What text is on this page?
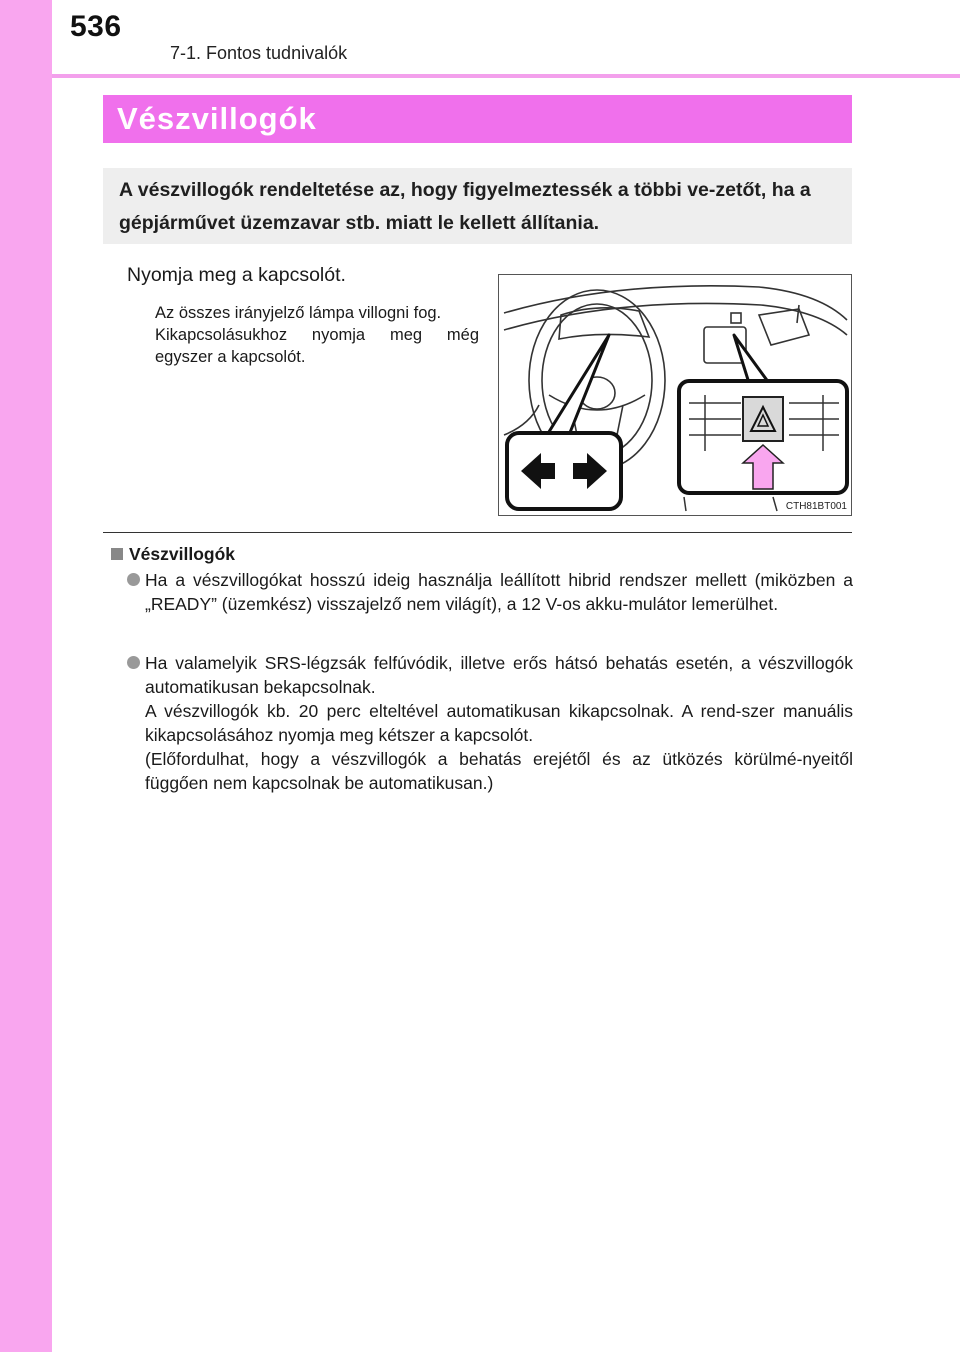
536
7-1. Fontos tudnivalók
Vészvillogók
A vészvillogók rendeltetése az, hogy figyelmeztessék a többi ve-zetőt, ha a gépjárművet üzemzavar stb. miatt le kellett állítania.
Nyomja meg a kapcsolót.
Az összes irányjelző lámpa villogni fog.
Kikapcsolásukhoz nyomja meg még egyszer a kapcsolót.
CTH81BT001
Vészvillogók
Ha a vészvillogókat hosszú ideig használja leállított hibrid rendszer mellett (miközben a „READY” (üzemkész) visszajelző nem világít), a 12 V-os akku-mulátor lemerülhet.
Ha valamelyik SRS-légzsák felfúvódik, illetve erős hátsó behatás esetén, a vészvillogók automatikusan bekapcsolnak.
A vészvillogók kb. 20 perc elteltével automatikusan kikapcsolnak. A rend-szer manuális kikapcsolásához nyomja meg kétszer a kapcsolót.
(Előfordulhat, hogy a vészvillogók a behatás erejétől és az ütközés körülmé-nyeitől függően nem kapcsolnak be automatikusan.)
